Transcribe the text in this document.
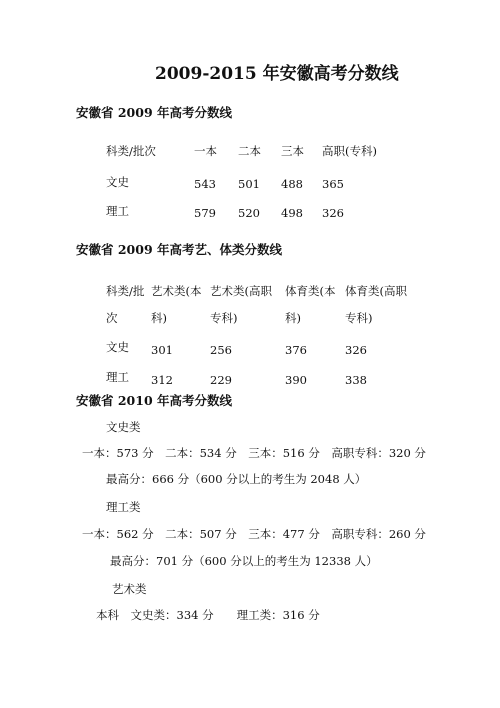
2009-2015 年安徽高考分数线
安徽省 2009 年高考分数线
科类/批次	一本 二本 三本 高职(专科)
文史	543 501 488 365
理工	579 520 498 326
安徽省 2009 年高考艺、体类分数线
科类/批 艺术类(本 艺术类(高职 体育类(本 体育类(高职
次	科)	专科)	科)	专科)
文史 301	256	376	326
理工 312	229	390	338
安徽省 2010 年高考分数线
文史类
一本：573 分　二本：534 分　三本：516 分　高职专科：320 分
最高分：666 分（600 分以上的考生为 2048 人）
理工类
一本：562 分　二本：507 分　三本：477 分　高职专科：260 分
最高分：701 分（600 分以上的考生为 12338 人）
艺术类
本科　文史类：334 分　　理工类：316 分
